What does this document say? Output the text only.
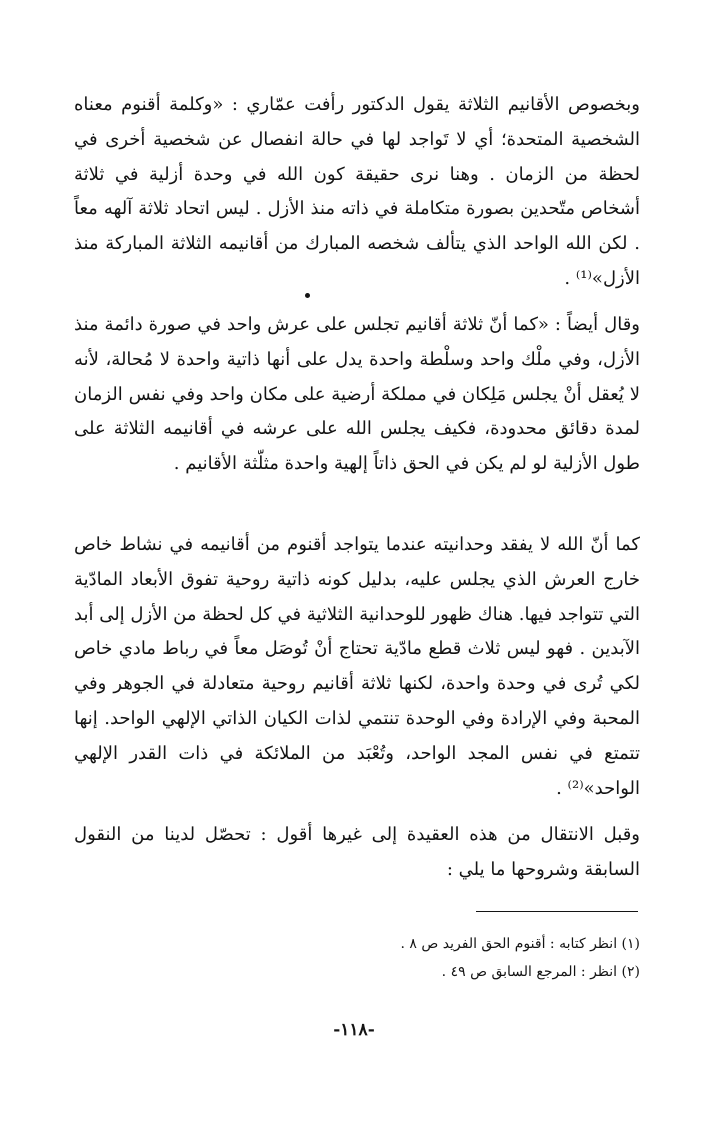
وبخصوص الأقانيم الثلاثة يقول الدكتور رأفت عمّاري : «وكلمة أقنوم معناه الشخصية المتحدة؛ أي لا تَواجد لها في حالة انفصال عن شخصية أخرى في لحظة من الزمان . وهنا نرى حقيقة كون الله في وحدة أزلية في ثلاثة أشخاص متّحدين بصورة متكاملة في ذاته منذ الأزل . ليس اتحاد ثلاثة آلهه معاً . لكن الله الواحد الذي يتألف شخصه المبارك من أقانيمه الثلاثة المباركة منذ الأزل»⁽¹⁾ .

وقال أيضاً : «كما أنّ ثلاثة أقانيم تجلس على عرش واحد في صورة دائمة منذ الأزل، وفي ملْك واحد وسلْطة واحدة يدل على أنها ذاتية واحدة لا مُحالة، لأنه لا يُعقل أنْ يجلس مَلِكان في مملكة أرضية على مكان واحد وفي نفس الزمان لمدة دقائق محدودة، فكيف يجلس الله على عرشه في أقانيمه الثلاثة على طول الأزلية لو لم يكن في الحق ذاتاً إلهية واحدة مثلّثة الأقانيم .

كما أنّ الله لا يفقد وحدانيته عندما يتواجد أقنوم من أقانيمه في نشاط خاص خارج العرش الذي يجلس عليه، بدليل كونه ذاتية روحية تفوق الأبعاد المادّية التي تتواجد فيها. هناك ظهور للوحدانية الثلاثية في كل لحظة من الأزل إلى أبد الآبدين . فهو ليس ثلاث قطع مادّية تحتاج أنْ تُوصَل معاً في رباط مادي خاص لكي تُرى في وحدة واحدة، لكنها ثلاثة أقانيم روحية متعادلة في الجوهر وفي المحبة وفي الإرادة وفي الوحدة تنتمي لذات الكيان الذاتي الإلهي الواحد. إنها تتمتع في نفس المجد الواحد، وتُعْبَد من الملائكة في ذات القدر الإلهي الواحد»⁽²⁾ .

وقبل الانتقال من هذه العقيدة إلى غيرها أقول : تحصّل لدينا من النقول السابقة وشروحها ما يلي :

(١) انظر كتابه : أقنوم الحق الفريد ص ٨ .

(٢) انظر : المرجع السابق ص ٤٩ .

-١١٨-
